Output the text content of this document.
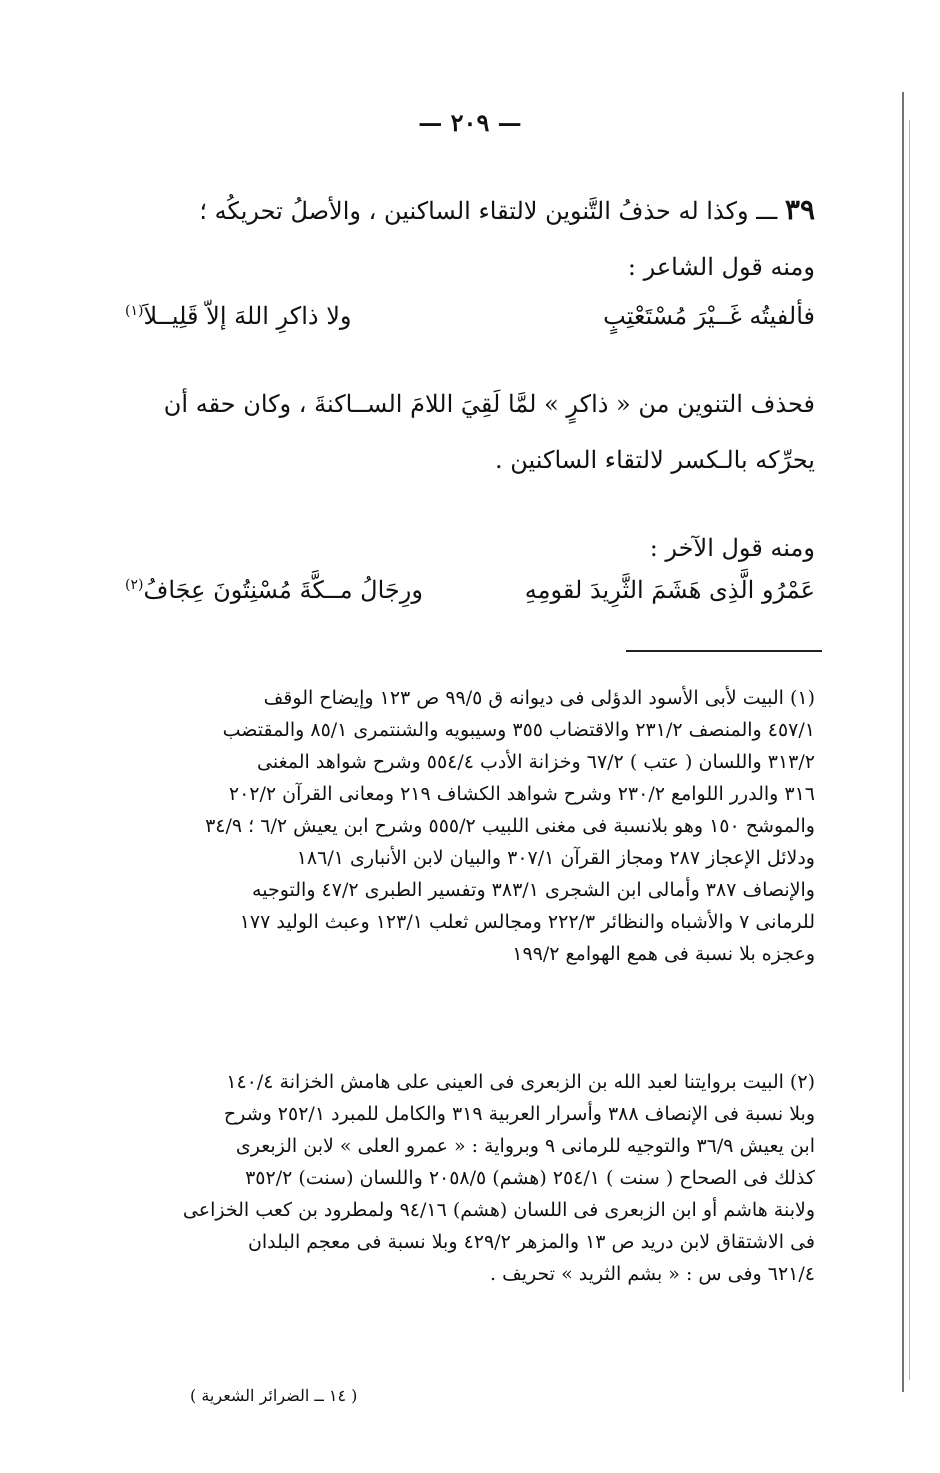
— ٢٠٩ —
٣٩ ـــ وكذا له حذفُ التَّنوين لالتقاء الساكنين ، والأصلُ تحريكُه ؛
ومنه قول الشاعر :
فألفيتُه غَــيْرَ مُسْتَعْتِبٍ
ولا ذاكرِ اللهَ إلاّ قَلِيــلاَ$^{(١)}$
فحذف التنوين من « ذاكرٍ » لمَّا لَقِيَ اللامَ الســاكنةَ ، وكان حقه أن
يحرِّكه بالـكسر لالتقاء الساكنين .
ومنه قول الآخر :
عَمْرُو الَّذِى هَشَمَ الثَّرِيدَ لقومِهِ
ورِجَالُ مــكَّةَ مُسْنِتُونَ عِجَافُ$^{(٢)}$
(١) البيت لأبى الأسود الدؤلى فى ديوانه ق ٩٩/٥ ص ١٢٣ وإيضاح الوقف
٤٥٧/١ والمنصف ٢٣١/٢ والاقتضاب ٣٥٥ وسيبويه والشنتمرى ٨٥/١ والمقتضب
٣١٣/٢ واللسان ( عتب ) ٦٧/٢ وخزانة الأدب ٥٥٤/٤ وشرح شواهد المغنى
٣١٦ والدرر اللوامع ٢٣٠/٢ وشرح شواهد الكشاف ٢١٩ ومعانى القرآن ٢٠٢/٢
والموشح ١٥٠ وهو بلانسبة فى مغنى اللبيب ٥٥٥/٢ وشرح ابن يعيش ٦/٢ ؛ ٣٤/٩
ودلائل الإعجاز ٢٨٧ ومجاز القرآن ٣٠٧/١ والبيان لابن الأنبارى ١٨٦/١
والإنصاف ٣٨٧ وأمالى ابن الشجرى ٣٨٣/١ وتفسير الطبرى ٤٧/٢ والتوجيه
للرمانى ٧ والأشباه والنظائر ٢٢٢/٣ ومجالس ثعلب ١٢٣/١ وعبث الوليد ١٧٧
وعجزه بلا نسبة فى همع الهوامع ١٩٩/٢
(٢) البيت بروايتنا لعبد الله بن الزبعرى فى العينى على هامش الخزانة ١٤٠/٤
وبلا نسبة فى الإنصاف ٣٨٨ وأسرار العربية ٣١٩ والكامل للمبرد ٢٥٢/١ وشرح
ابن يعيش ٣٦/٩ والتوجيه للرمانى ٩ وبرواية : « عمرو العلى » لابن الزبعرى
كذلك فى الصحاح ( سنت ) ٢٥٤/١ (هشم) ٢٠٥٨/٥ واللسان (سنت) ٣٥٢/٢
ولابنة هاشم أو ابن الزبعرى فى اللسان (هشم) ٩٤/١٦ ولمطرود بن كعب الخزاعى
فى الاشتقاق لابن دريد ص ١٣ والمزهر ٤٢٩/٢ وبلا نسبة فى معجم البلدان
٦٢١/٤ وفى س : « بشم الثريد » تحريف .
( ١٤ ــ الضرائر الشعرية )
